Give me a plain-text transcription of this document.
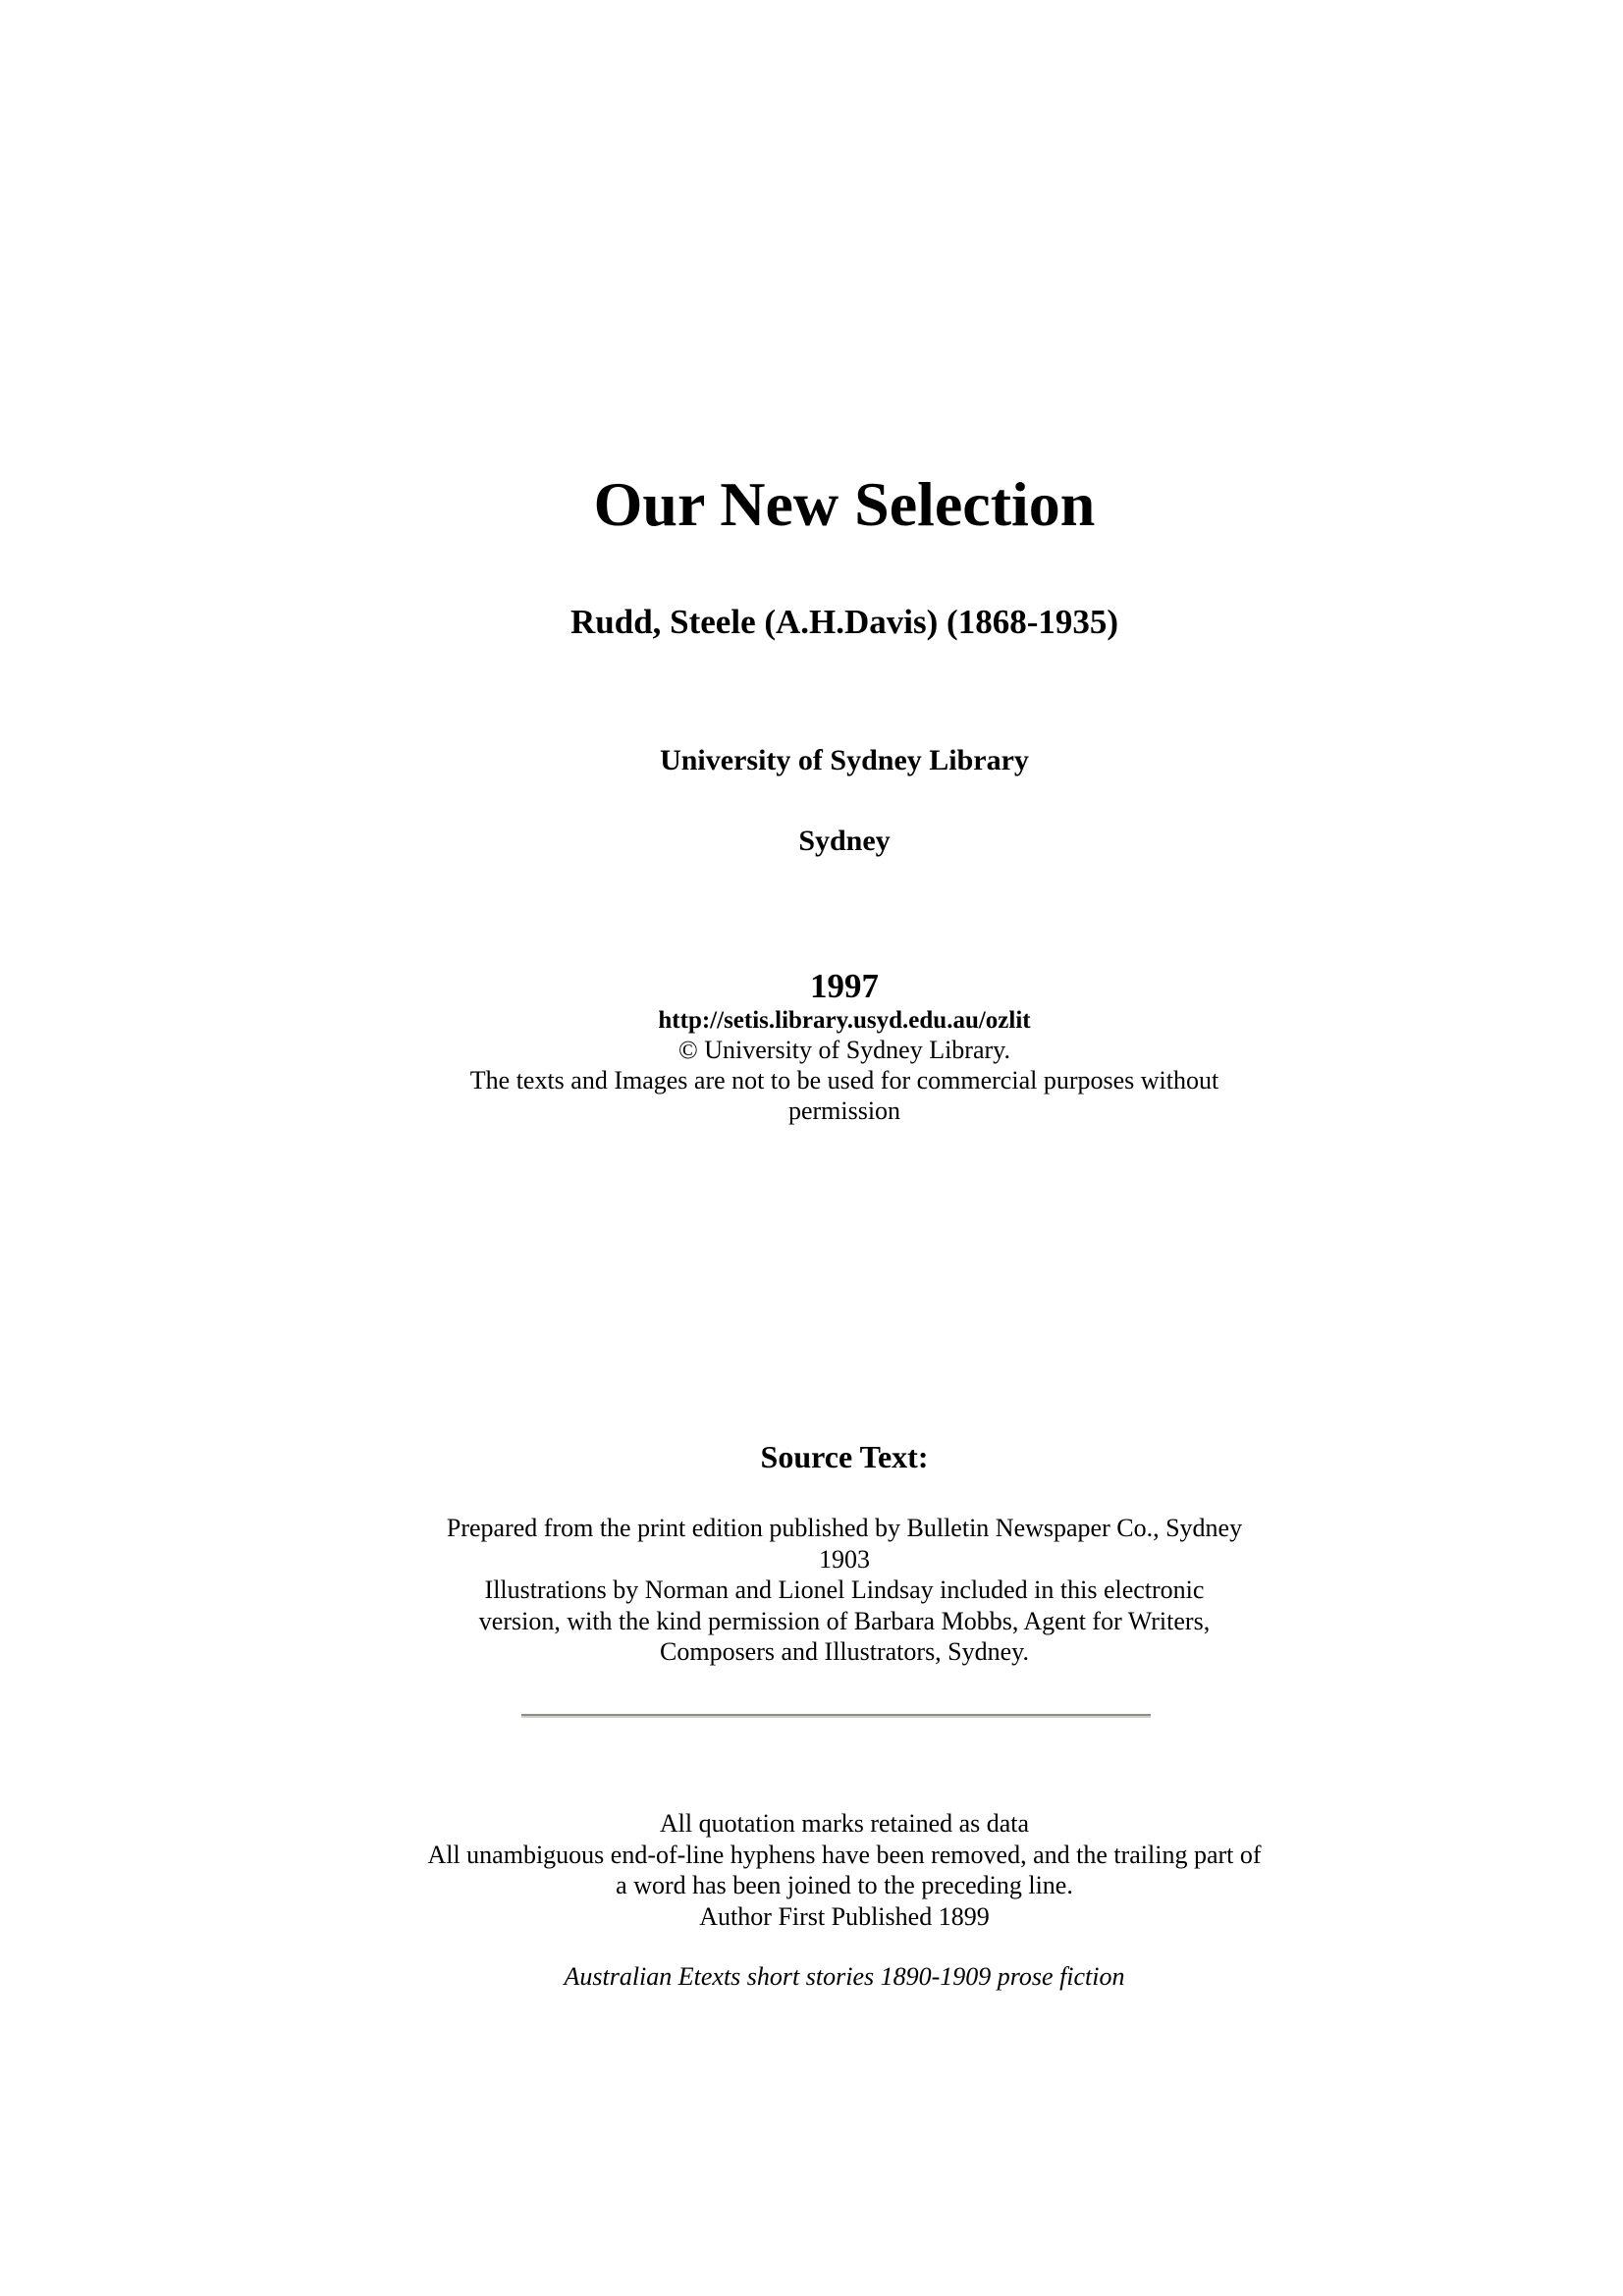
Our New Selection
Rudd, Steele (A.H.Davis) (1868-1935)
University of Sydney Library
Sydney
1997
http://setis.library.usyd.edu.au/ozlit
© University of Sydney Library.
The texts and Images are not to be used for commercial purposes without permission
Source Text:
Prepared from the print edition published by Bulletin Newspaper Co., Sydney 1903
Illustrations by Norman and Lionel Lindsay included in this electronic version, with the kind permission of Barbara Mobbs, Agent for Writers, Composers and Illustrators, Sydney.
All quotation marks retained as data
All unambiguous end-of-line hyphens have been removed, and the trailing part of a word has been joined to the preceding line.
Author First Published 1899
Australian Etexts short stories 1890-1909 prose fiction
